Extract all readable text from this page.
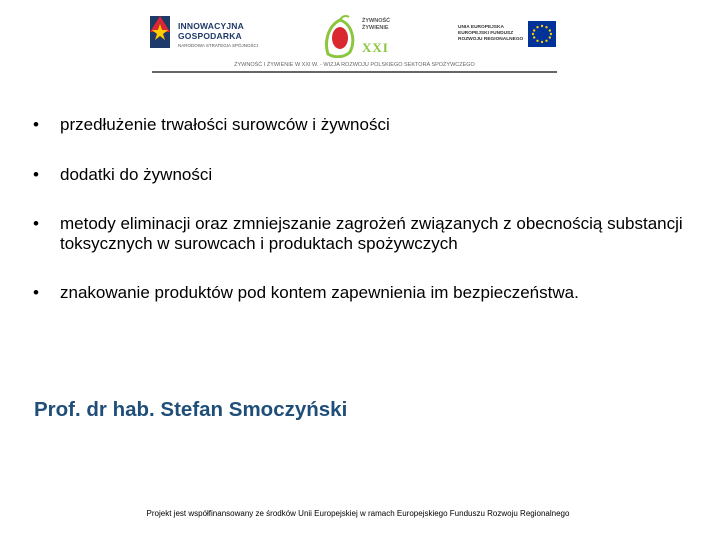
INNOWACYJNA
GOSPODARKA
NARODOWA STRATEGIA SPÓJNOŚCI
ŻYWNOŚĆ
ŻYWIENIE
XXI
UNIA EUROPEJSKA
EUROPEJSKI FUNDUSZ
ROZWOJU REGIONALNEGO
ŻYWNOŚĆ I ŻYWIENIE W XXI W. - WIZJA ROZWOJU POLSKIEGO SEKTORA SPOŻYWCZEGO
• przedłużenie trwałości surowców i żywności
• dodatki do żywności
• metody eliminacji oraz zmniejszanie zagrożeń związanych z obecnością substancji toksycznych w surowcach i produktach spożywczych
• znakowanie produktów pod kontem zapewnienia im bezpieczeństwa.
Prof. dr hab. Stefan Smoczyński
Projekt jest współfinansowany ze środków Unii Europejskiej w ramach Europejskiego Funduszu Rozwoju Regionalnego
